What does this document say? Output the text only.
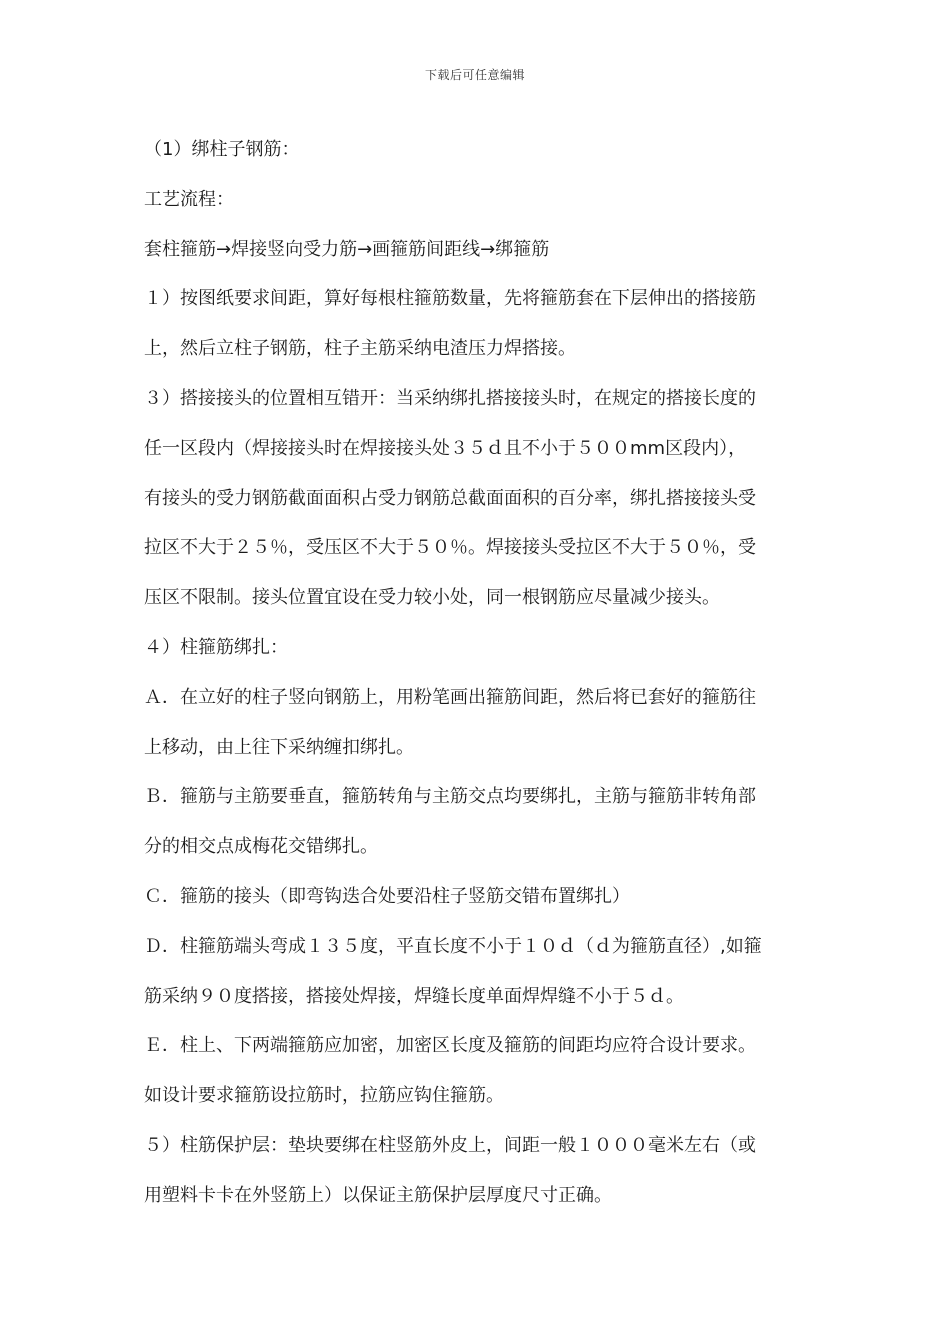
下载后可任意编辑
（1）绑柱子钢筋：
工艺流程：
套柱箍筋→焊接竖向受力筋→画箍筋间距线→绑箍筋
１）按图纸要求间距，算好每根柱箍筋数量，先将箍筋套在下层伸出的搭接筋
上，然后立柱子钢筋，柱子主筋采纳电渣压力焊搭接。
３）搭接接头的位置相互错开：当采纳绑扎搭接接头时，在规定的搭接长度的
任一区段内（焊接接头时在焊接接头处３５ｄ且不小于５００mm区段内），
有接头的受力钢筋截面面积占受力钢筋总截面面积的百分率，绑扎搭接接头受
拉区不大于２５％，受压区不大于５０％。焊接接头受拉区不大于５０％，受
压区不限制。接头位置宜设在受力较小处，同一根钢筋应尽量减少接头。
４）柱箍筋绑扎：
Ａ．在立好的柱子竖向钢筋上，用粉笔画出箍筋间距，然后将已套好的箍筋往
上移动，由上往下采纳缠扣绑扎。
Ｂ．箍筋与主筋要垂直，箍筋转角与主筋交点均要绑扎，主筋与箍筋非转角部
分的相交点成梅花交错绑扎。
Ｃ．箍筋的接头（即弯钩迭合处要沿柱子竖筋交错布置绑扎）
Ｄ．柱箍筋端头弯成１３５度，平直长度不小于１０ｄ（ｄ为箍筋直径）,如箍
筋采纳９０度搭接，搭接处焊接，焊缝长度单面焊焊缝不小于５ｄ。
Ｅ．柱上、下两端箍筋应加密，加密区长度及箍筋的间距均应符合设计要求。
如设计要求箍筋设拉筋时，拉筋应钩住箍筋。
５）柱筋保护层：垫块要绑在柱竖筋外皮上，间距一般１０００毫米左右（或
用塑料卡卡在外竖筋上）以保证主筋保护层厚度尺寸正确。
